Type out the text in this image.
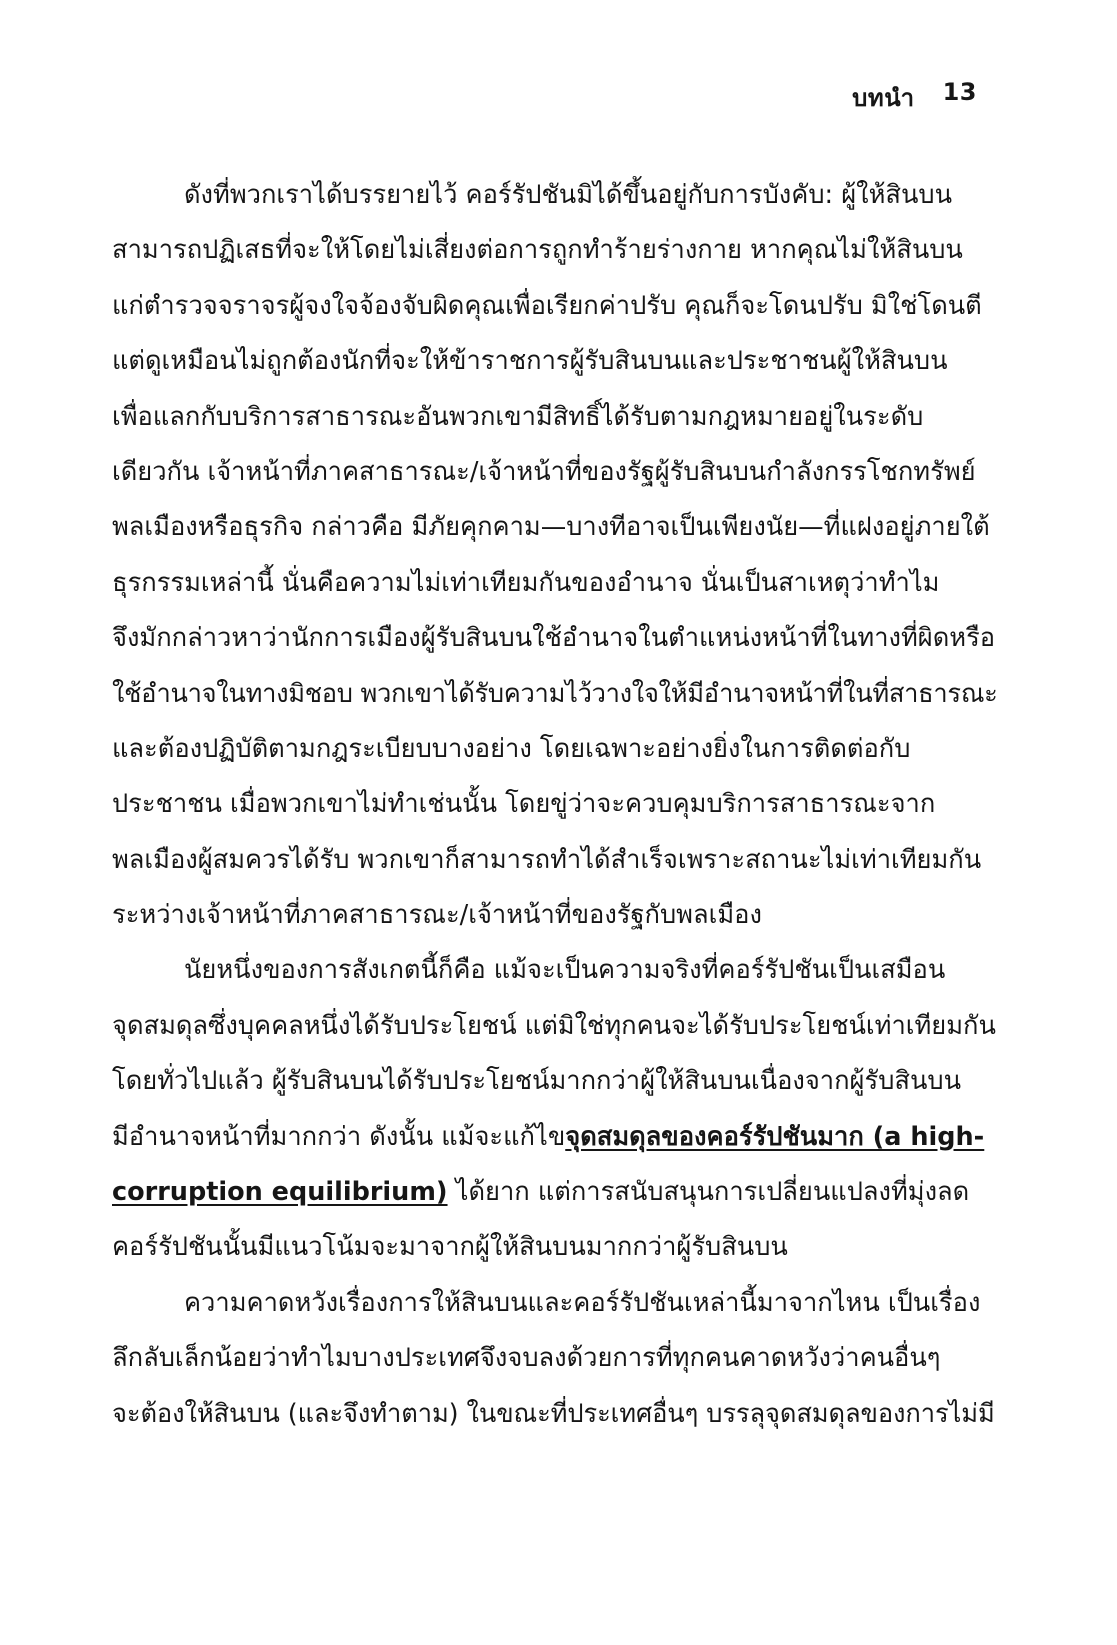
บทนำ 13
ดังที่พวกเราได้บรรยายไว้ คอร์รัปชันมิได้ขึ้นอยู่กับการบังคับ: ผู้ให้สินบน
สามารถปฏิเสธที่จะให้โดยไม่เสี่ยงต่อการถูกทำร้ายร่างกาย หากคุณไม่ให้สินบน
แก่ตำรวจจราจรผู้จงใจจ้องจับผิดคุณเพื่อเรียกค่าปรับ คุณก็จะโดนปรับ มิใช่โดนตี
แต่ดูเหมือนไม่ถูกต้องนักที่จะให้ข้าราชการผู้รับสินบนและประชาชนผู้ให้สินบน
เพื่อแลกกับบริการสาธารณะอันพวกเขามีสิทธิ์ได้รับตามกฎหมายอยู่ในระดับ
เดียวกัน เจ้าหน้าที่ภาคสาธารณะ/เจ้าหน้าที่ของรัฐผู้รับสินบนกำลังกรรโชกทรัพย์
พลเมืองหรือธุรกิจ กล่าวคือ มีภัยคุกคาม—บางทีอาจเป็นเพียงนัย—ที่แฝงอยู่ภายใต้
ธุรกรรมเหล่านี้ นั่นคือความไม่เท่าเทียมกันของอำนาจ นั่นเป็นสาเหตุว่าทำไม
จึงมักกล่าวหาว่านักการเมืองผู้รับสินบนใช้อำนาจในตำแหน่งหน้าที่ในทางที่ผิดหรือ
ใช้อำนาจในทางมิชอบ พวกเขาได้รับความไว้วางใจให้มีอำนาจหน้าที่ในที่สาธารณะ
และต้องปฏิบัติตามกฎระเบียบบางอย่าง โดยเฉพาะอย่างยิ่งในการติดต่อกับ
ประชาชน เมื่อพวกเขาไม่ทำเช่นนั้น โดยขู่ว่าจะควบคุมบริการสาธารณะจาก
พลเมืองผู้สมควรได้รับ พวกเขาก็สามารถทำได้สำเร็จเพราะสถานะไม่เท่าเทียมกัน
ระหว่างเจ้าหน้าที่ภาคสาธารณะ/เจ้าหน้าที่ของรัฐกับพลเมือง
นัยหนึ่งของการสังเกตนี้ก็คือ แม้จะเป็นความจริงที่คอร์รัปชันเป็นเสมือน
จุดสมดุลซึ่งบุคคลหนึ่งได้รับประโยชน์ แต่มิใช่ทุกคนจะได้รับประโยชน์เท่าเทียมกัน
โดยทั่วไปแล้ว ผู้รับสินบนได้รับประโยชน์มากกว่าผู้ให้สินบนเนื่องจากผู้รับสินบน
มีอำนาจหน้าที่มากกว่า ดังนั้น แม้จะแก้ไขจุดสมดุลของคอร์รัปชันมาก (a high-
corruption equilibrium) ได้ยาก แต่การสนับสนุนการเปลี่ยนแปลงที่มุ่งลด
คอร์รัปชันนั้นมีแนวโน้มจะมาจากผู้ให้สินบนมากกว่าผู้รับสินบน
ความคาดหวังเรื่องการให้สินบนและคอร์รัปชันเหล่านี้มาจากไหน เป็นเรื่อง
ลึกลับเล็กน้อยว่าทำไมบางประเทศจึงจบลงด้วยการที่ทุกคนคาดหวังว่าคนอื่นๆ
จะต้องให้สินบน (และจึงทำตาม) ในขณะที่ประเทศอื่นๆ บรรลุจุดสมดุลของการไม่มี
